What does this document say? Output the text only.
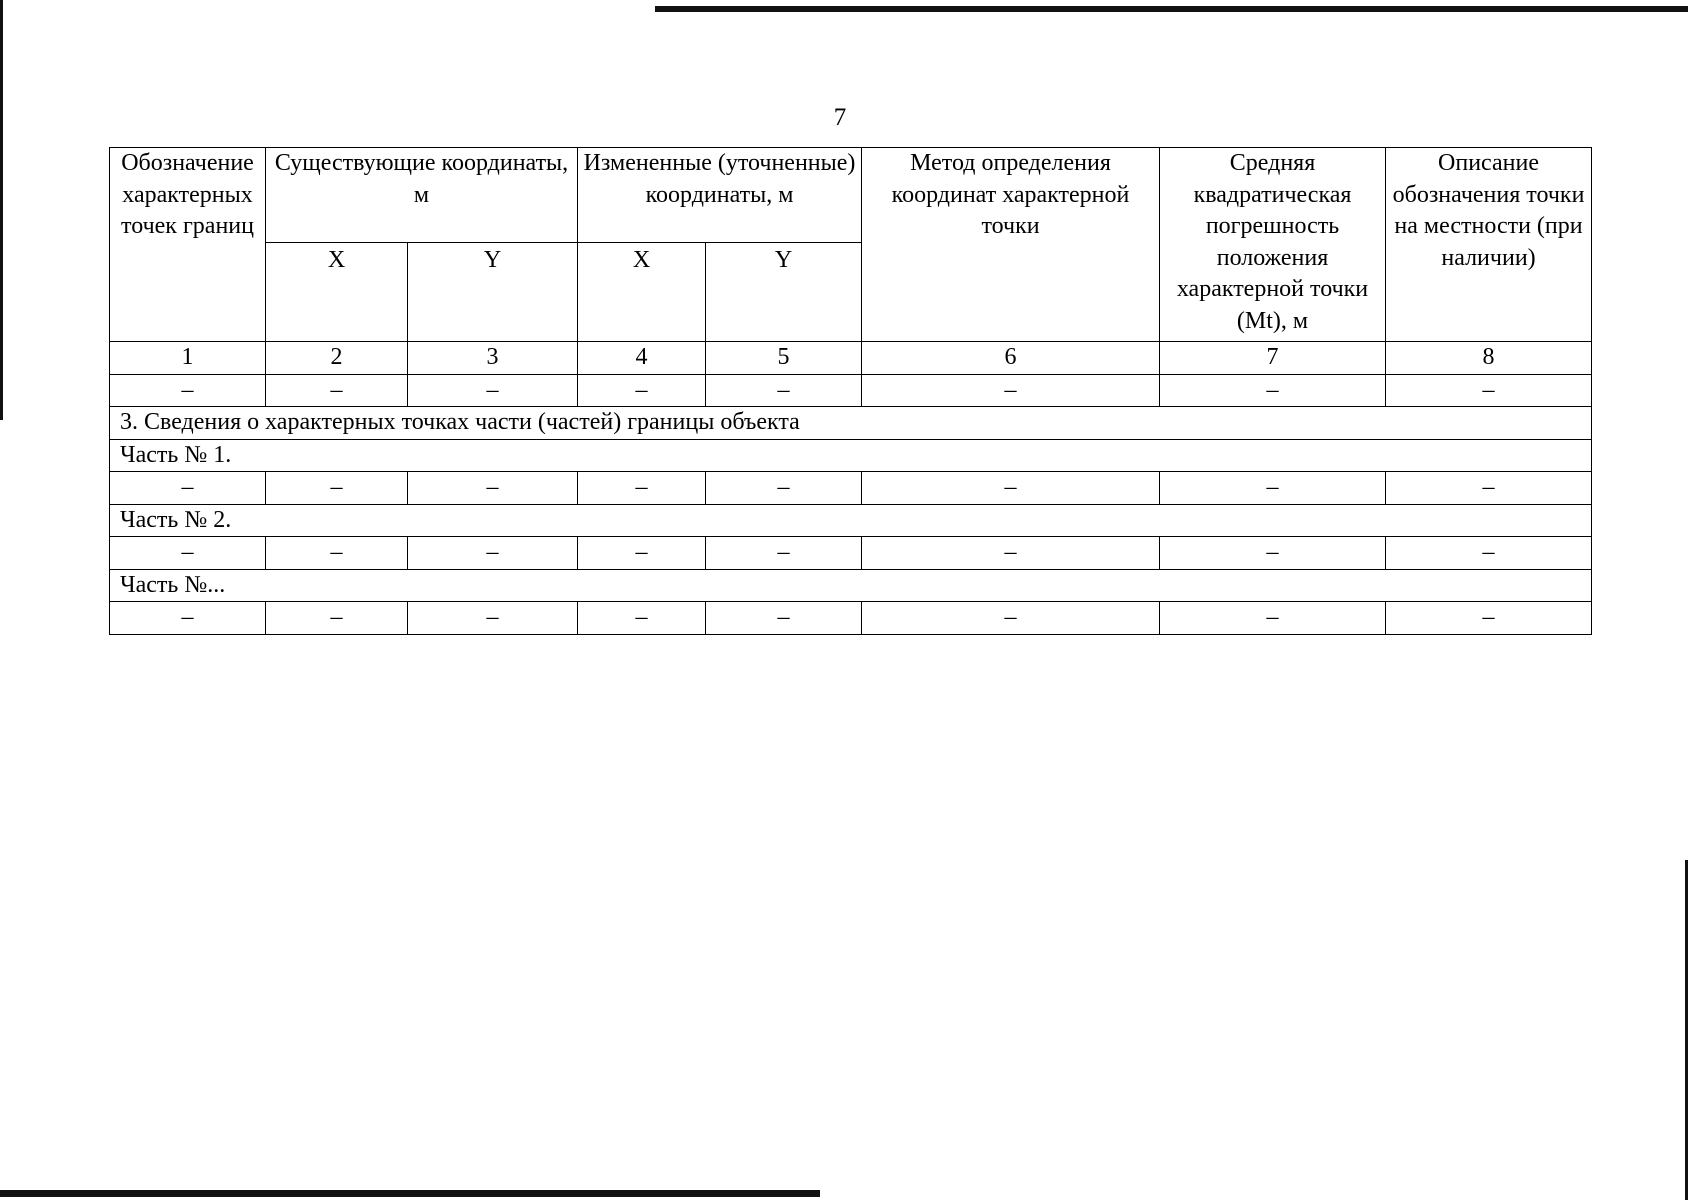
7
Обозначение характерных точек границ	Существующие координаты, м		Измененные (уточненные) координаты, м		Метод определения координат характерной точки	Средняя квадратическая погрешность положения характерной точки (Mt), м	Описание обозначения точки на местности (при наличии)
	X	Y	X	Y			
1	2	3	4	5	6	7	8
–	–	–	–	–	–	–	–
3. Сведения о характерных точках части (частей) границы объекта							
Часть № 1.							
–	–	–	–	–	–	–	–
Часть № 2.							
–	–	–	–	–	–	–	–
Часть №...							
–	–	–	–	–	–	–	–
